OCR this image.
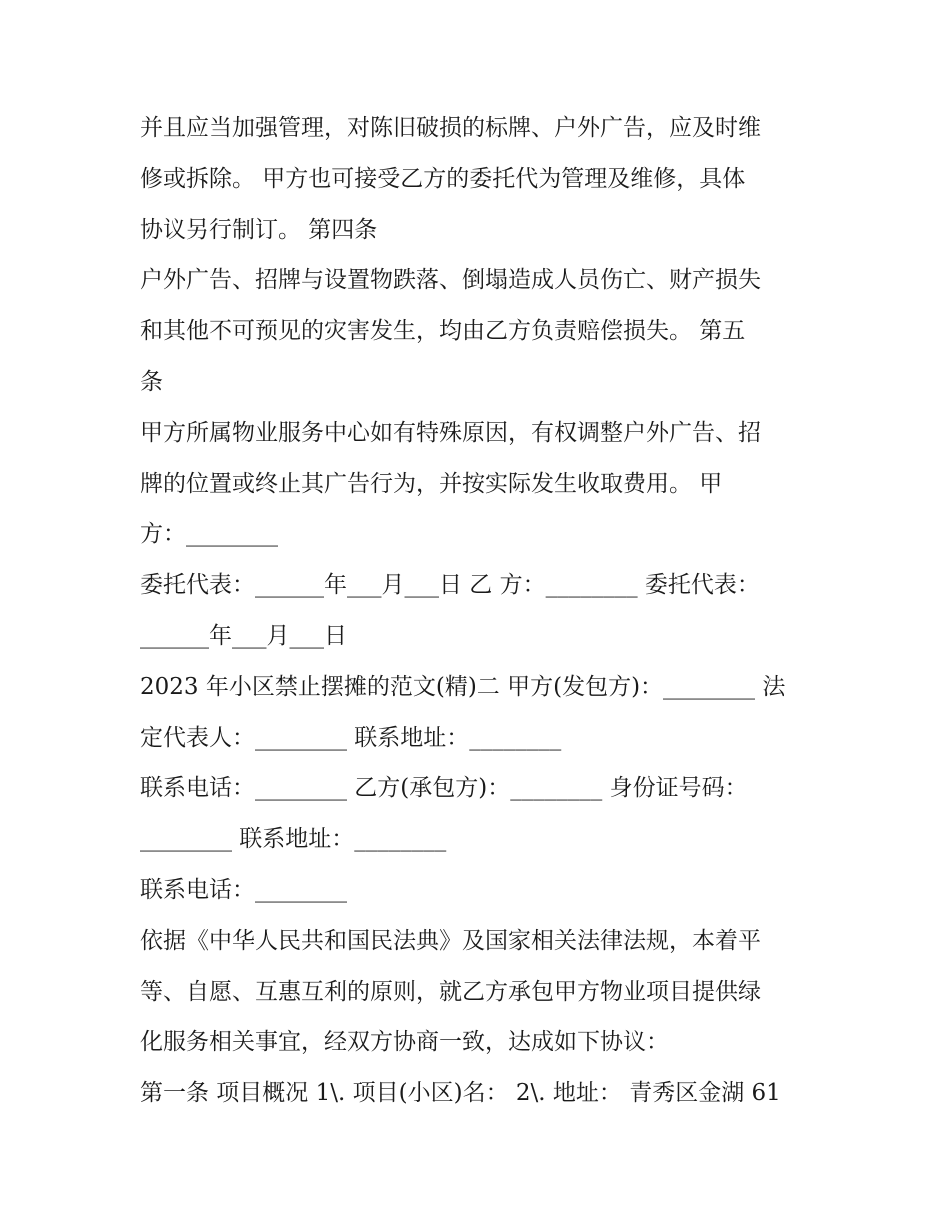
并且应当加强管理，对陈旧破损的标牌、户外广告，应及时维
修或拆除。 甲方也可接受乙方的委托代为管理及维修，具体
协议另行制订。 第四条
户外广告、招牌与设置物跌落、倒塌造成人员伤亡、财产损失
和其他不可预见的灾害发生，均由乙方负责赔偿损失。 第五
条
甲方所属物业服务中心如有特殊原因，有权调整户外广告、招
牌的位置或终止其广告行为，并按实际发生收取费用。 甲
方：________
委托代表：______年___月___日 乙 方：________ 委托代表：
______年___月___日
2023 年小区禁止摆摊的范文(精)二 甲方(发包方)：________ 法
定代表人：________ 联系地址：________
联系电话：________ 乙方(承包方)：________ 身份证号码：
________ 联系地址：________
联系电话：________
依据《中华人民共和国民法典》及国家相关法律法规，本着平
等、自愿、互惠互利的原则，就乙方承包甲方物业项目提供绿
化服务相关事宜，经双方协商一致，达成如下协议：
第一条 项目概况 1\. 项目(小区)名： 2\. 地址： 青秀区金湖 61
